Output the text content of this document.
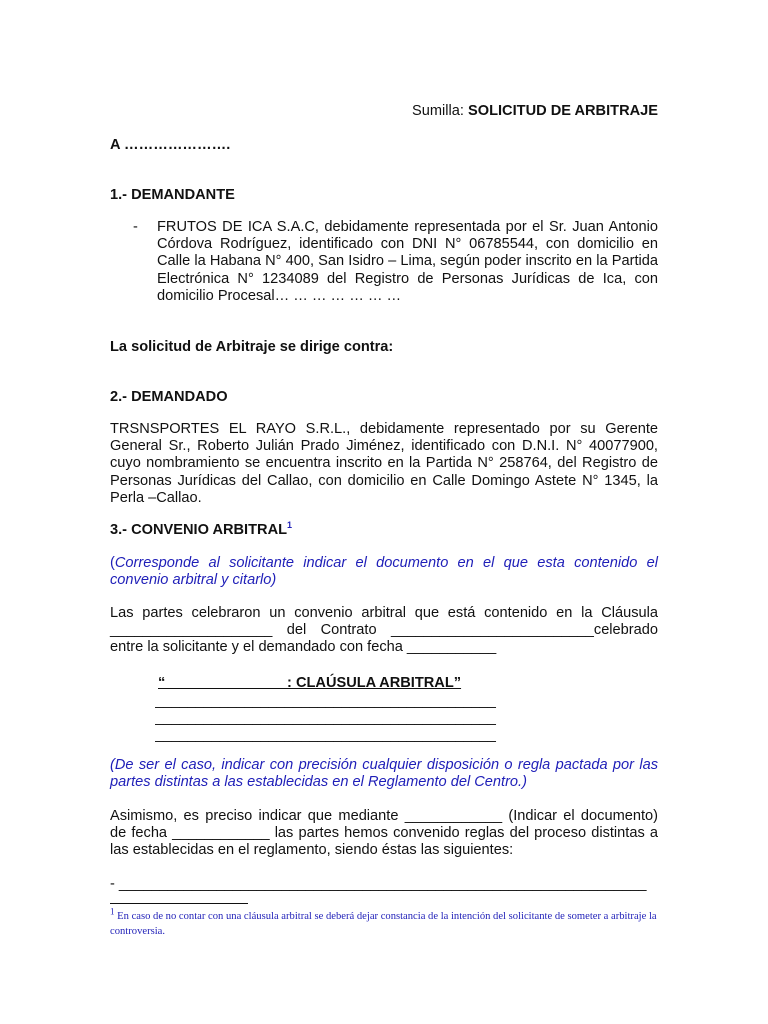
Sumilla: SOLICITUD DE ARBITRAJE
A ………………….
1.- DEMANDANTE
- FRUTOS DE ICA S.A.C, debidamente representada por el Sr. Juan Antonio Córdova Rodríguez, identificado con DNI N° 06785544, con domicilio en Calle la Habana N° 400, San Isidro – Lima, según poder inscrito en la Partida Electrónica N° 1234089 del Registro de Personas Jurídicas de Ica, con domicilio Procesal… … … … … … …
La solicitud de Arbitraje se dirige contra:
2.- DEMANDADO
TRSNSPORTES EL RAYO S.R.L., debidamente representado por su Gerente General Sr., Roberto Julián Prado Jiménez, identificado con D.N.I. N° 40077900, cuyo nombramiento se encuentra inscrito en la Partida N° 258764, del Registro de Personas Jurídicas del Callao, con domicilio en Calle Domingo Astete N° 1345, la Perla –Callao.
3.- CONVENIO ARBITRAL$^1$
(Corresponde al solicitante indicar el documento en el que esta contenido el convenio arbitral y citarlo)
Las partes celebraron un convenio arbitral que está contenido en la Cláusula ____________________ del Contrato _________________________celebrado entre la solicitante y el demandado con fecha ___________
“_______________: CLAÚSULA ARBITRAL”
__________________________________________
__________________________________________
__________________________________________
(De ser el caso, indicar con precisión cualquier disposición o regla pactada por las partes distintas a las establecidas en el Reglamento del Centro.)
Asimismo, es preciso indicar que mediante ____________ (Indicar el documento) de fecha ____________ las partes hemos convenido reglas del proceso distintas a las establecidas en el reglamento, siendo éstas las siguientes:
- _________________________________________________________________
$^1$ En caso de no contar con una cláusula arbitral se deberá dejar constancia de la intención del solicitante de someter a arbitraje la controversia.
